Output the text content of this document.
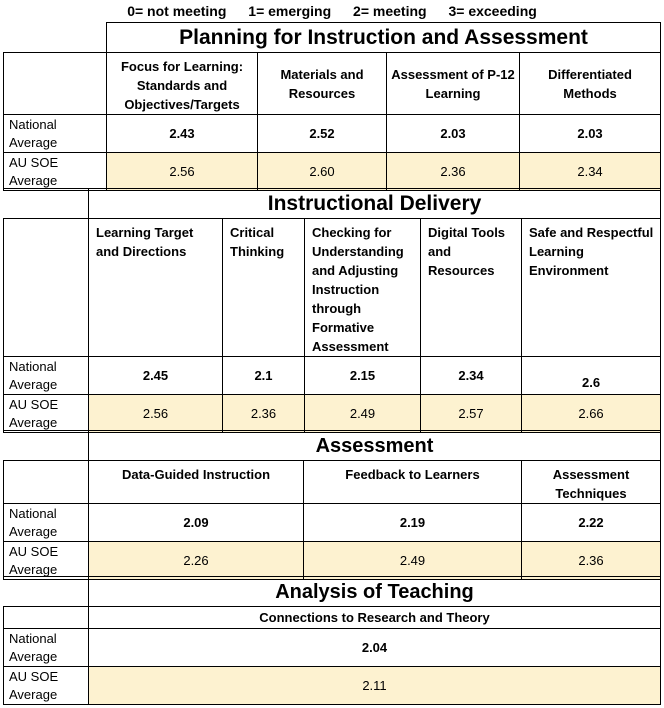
0= not meeting 1= emerging 2= meeting 3= exceeding
	Planning for Instruction and Assessment			
	Focus for Learning: Standards and Objectives/Targets	Materials and Resources	Assessment of P-12 Learning	Differentiated Methods
National Average	2.43	2.52	2.03	2.03
AU SOE Average	2.56	2.60	2.36	2.34
	Instructional Delivery				
	Learning Target and Directions	Critical Thinking	Checking for Understanding and Adjusting Instruction through Formative Assessment	Digital Tools and Resources	Safe and Respectful Learning Environment
National Average	2.45	2.1	2.15	2.34	2.6
AU SOE Average	2.56	2.36	2.49	2.57	2.66
	Assessment		
	Data-Guided Instruction	Feedback to Learners	Assessment Techniques
National Average	2.09	2.19	2.22
AU SOE Average	2.26	2.49	2.36
	Analysis of Teaching
	Connections to Research and Theory
National Average	2.04
AU SOE Average	2.11
